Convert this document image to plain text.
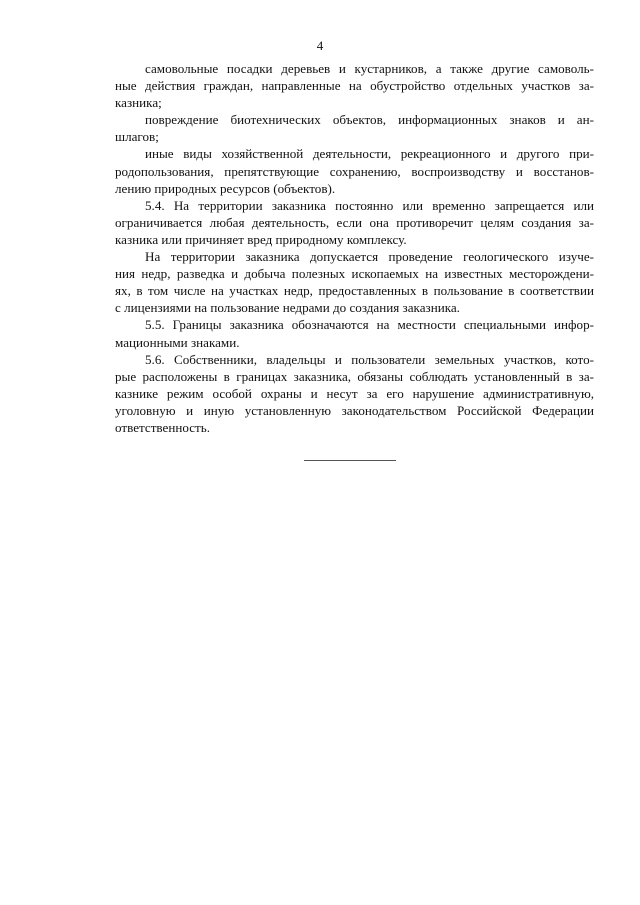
4

самовольные посадки деревьев и кустарников, а также другие самоволь-
ные действия граждан, направленные на обустройство отдельных участков за-
казника;

повреждение биотехнических объектов, информационных знаков и ан-
шлагов;

иные виды хозяйственной деятельности, рекреационного и другого при-
родопользования, препятствующие сохранению, воспроизводству и восстанов-
лению природных ресурсов (объектов).

5.4. На территории заказника постоянно или временно запрещается или
ограничивается любая деятельность, если она противоречит целям создания за-
казника или причиняет вред природному комплексу.

На территории заказника допускается проведение геологического изуче-
ния недр, разведка и добыча полезных ископаемых на известных месторождени-
ях, в том числе на участках недр, предоставленных в пользование в соответствии
с лицензиями на пользование недрами до создания заказника.

5.5. Границы заказника обозначаются на местности специальными инфор-
мационными знаками.

5.6. Собственники, владельцы и пользователи земельных участков, кото-
рые расположены в границах заказника, обязаны соблюдать установленный в за-
казнике режим особой охраны и несут за его нарушение административную,
уголовную и иную установленную законодательством Российской Федерации
ответственность.
